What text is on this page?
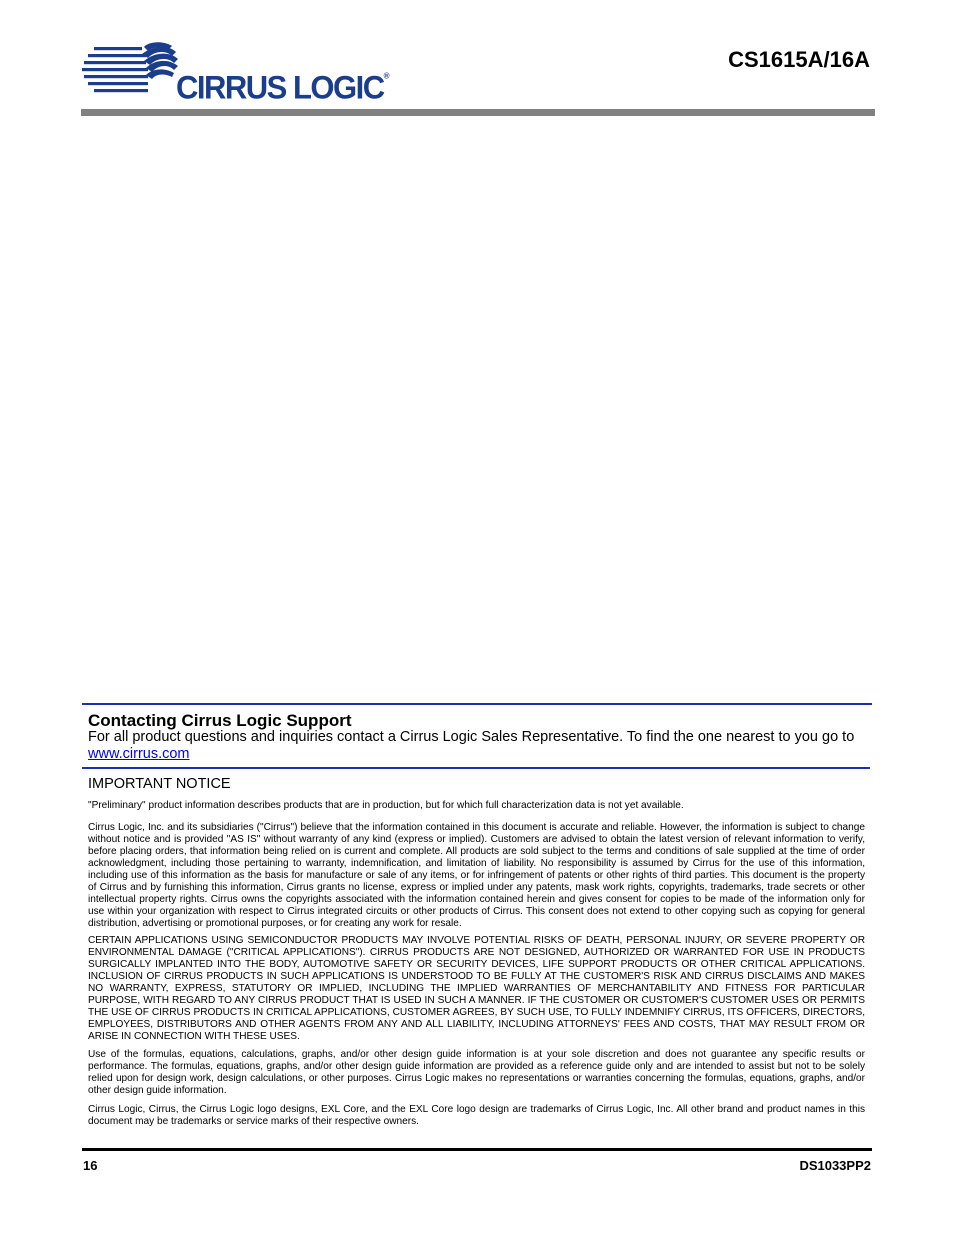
CIRRUS LOGIC®
CS1615A/16A
Contacting Cirrus Logic Support
For all product questions and inquiries contact a Cirrus Logic Sales Representative. To find the one nearest to you go to www.cirrus.com
IMPORTANT NOTICE

"Preliminary" product information describes products that are in production, but for which full characterization data is not yet available.

Cirrus Logic, Inc. and its subsidiaries ("Cirrus") believe that the information contained in this document is accurate and reliable. However, the information is subject to change without notice and is provided "AS IS" without warranty of any kind (express or implied). Customers are advised to obtain the latest version of relevant information to verify, before placing orders, that information being relied on is current and complete. All products are sold subject to the terms and conditions of sale supplied at the time of order acknowledgment, including those pertaining to warranty, indemnification, and limitation of liability. No responsibility is assumed by Cirrus for the use of this information, including use of this information as the basis for manufacture or sale of any items, or for infringement of patents or other rights of third parties. This document is the property of Cirrus and by furnishing this information, Cirrus grants no license, express or implied under any patents, mask work rights, copyrights, trademarks, trade secrets or other intellectual property rights. Cirrus owns the copyrights associated with the information contained herein and gives consent for copies to be made of the information only for use within your organization with respect to Cirrus integrated circuits or other products of Cirrus. This consent does not extend to other copying such as copying for general distribution, advertising or promotional purposes, or for creating any work for resale.

CERTAIN APPLICATIONS USING SEMICONDUCTOR PRODUCTS MAY INVOLVE POTENTIAL RISKS OF DEATH, PERSONAL INJURY, OR SEVERE PROPERTY OR ENVIRONMENTAL DAMAGE ("CRITICAL APPLICATIONS"). CIRRUS PRODUCTS ARE NOT DESIGNED, AUTHORIZED OR WARRANTED FOR USE IN PRODUCTS SURGICALLY IMPLANTED INTO THE BODY, AUTOMOTIVE SAFETY OR SECURITY DEVICES, LIFE SUPPORT PRODUCTS OR OTHER CRITICAL APPLICATIONS. INCLUSION OF CIRRUS PRODUCTS IN SUCH APPLICATIONS IS UNDERSTOOD TO BE FULLY AT THE CUSTOMER'S RISK AND CIRRUS DISCLAIMS AND MAKES NO WARRANTY, EXPRESS, STATUTORY OR IMPLIED, INCLUDING THE IMPLIED WARRANTIES OF MERCHANTABILITY AND FITNESS FOR PARTICULAR PURPOSE, WITH REGARD TO ANY CIRRUS PRODUCT THAT IS USED IN SUCH A MANNER. IF THE CUSTOMER OR CUSTOMER'S CUSTOMER USES OR PERMITS THE USE OF CIRRUS PRODUCTS IN CRITICAL APPLICATIONS, CUSTOMER AGREES, BY SUCH USE, TO FULLY INDEMNIFY CIRRUS, ITS OFFICERS, DIRECTORS, EMPLOYEES, DISTRIBUTORS AND OTHER AGENTS FROM ANY AND ALL LIABILITY, INCLUDING ATTORNEYS' FEES AND COSTS, THAT MAY RESULT FROM OR ARISE IN CONNECTION WITH THESE USES.

Use of the formulas, equations, calculations, graphs, and/or other design guide information is at your sole discretion and does not guarantee any specific results or performance. The formulas, equations, graphs, and/or other design guide information are provided as a reference guide only and are intended to assist but not to be solely relied upon for design work, design calculations, or other purposes. Cirrus Logic makes no representations or warranties concerning the formulas, equations, graphs, and/or other design guide information.

Cirrus Logic, Cirrus, the Cirrus Logic logo designs, EXL Core, and the EXL Core logo design are trademarks of Cirrus Logic, Inc. All other brand and product names in this document may be trademarks or service marks of their respective owners.

16	DS1033PP2
